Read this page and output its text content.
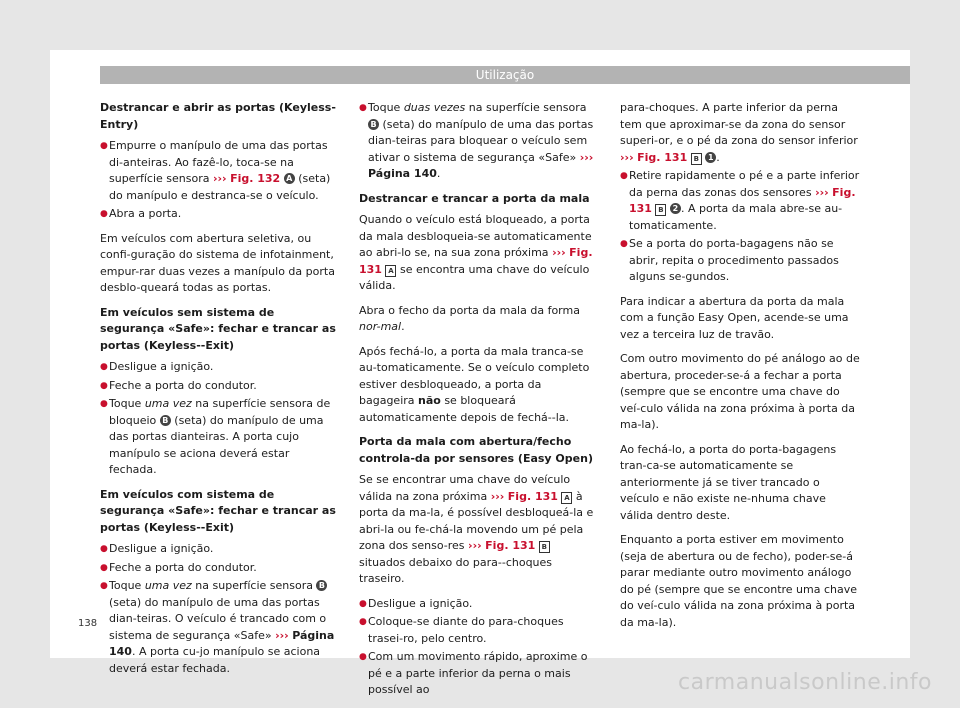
Utilização

Destrancar e abrir as portas (Keyless-Entry)

● Empurre o manípulo de uma das portas di-anteiras. Ao fazê-lo, toca-se na superfície sensora ››› Fig. 132 A (seta) do manípulo e destranca-se o veículo.

● Abra a porta.

Em veículos com abertura seletiva, ou confi-guração do sistema de infotainment, empur-rar duas vezes a manípulo da porta desblo-queará todas as portas.

Em veículos sem sistema de segurança «Safe»: fechar e trancar as portas (Keyless--Exit)

● Desligue a ignição.

● Feche a porta do condutor.

● Toque uma vez na superfície sensora de bloqueio B (seta) do manípulo de uma das portas dianteiras. A porta cujo manípulo se aciona deverá estar fechada.

Em veículos com sistema de segurança «Safe»: fechar e trancar as portas (Keyless--Exit)

● Desligue a ignição.

● Feche a porta do condutor.

● Toque uma vez na superfície sensora B (seta) do manípulo de uma das portas dian-teiras. O veículo é trancado com o sistema de segurança «Safe» ››› Página 140. A porta cu-jo manípulo se aciona deverá estar fechada.

● Toque duas vezes na superfície sensora B (seta) do manípulo de uma das portas dian-teiras para bloquear o veículo sem ativar o sistema de segurança «Safe» ››› Página 140.

Destrancar e trancar a porta da mala

Quando o veículo está bloqueado, a porta da mala desbloqueia-se automaticamente ao abri-lo se, na sua zona próxima ››› Fig. 131 A se encontra uma chave do veículo válida.

Abra o fecho da porta da mala da forma nor-mal.

Após fechá-lo, a porta da mala tranca-se au-tomaticamente. Se o veículo completo estiver desbloqueado, a porta da bagageira não se bloqueará automaticamente depois de fechá--la.

Porta da mala com abertura/fecho controla-da por sensores (Easy Open)

Se se encontrar uma chave do veículo válida na zona próxima ››› Fig. 131 A à porta da ma-la, é possível desbloqueá-la e abri-la ou fe-chá-la movendo um pé pela zona dos senso-res ››› Fig. 131 B situados debaixo do para--choques traseiro.

● Desligue a ignição.

● Coloque-se diante do para-choques trasei-ro, pelo centro.

● Com um movimento rápido, aproxime o pé e a parte inferior da perna o mais possível ao

para-choques. A parte inferior da perna tem que aproximar-se da zona do sensor superi-or, e o pé da zona do sensor inferior ››› Fig. 131 B 1 .

● Retire rapidamente o pé e a parte inferior da perna das zonas dos sensores ››› Fig. 131 B 2 . A porta da mala abre-se au-tomaticamente.

● Se a porta do porta-bagagens não se abrir, repita o procedimento passados alguns se-gundos.

Para indicar a abertura da porta da mala com a função Easy Open, acende-se uma vez a terceira luz de travão.

Com outro movimento do pé análogo ao de abertura, proceder-se-á a fechar a porta (sempre que se encontre uma chave do veí-culo válida na zona próxima à porta da ma-la).

Ao fechá-lo, a porta do porta-bagagens tran-ca-se automaticamente se anteriormente já se tiver trancado o veículo e não existe ne-nhuma chave válida dentro deste.

Enquanto a porta estiver em movimento (seja de abertura ou de fecho), poder-se-á parar mediante outro movimento análogo do pé (sempre que se encontre uma chave do veí-culo válida na zona próxima à porta da ma-la).

138
carmanualsonline.info
